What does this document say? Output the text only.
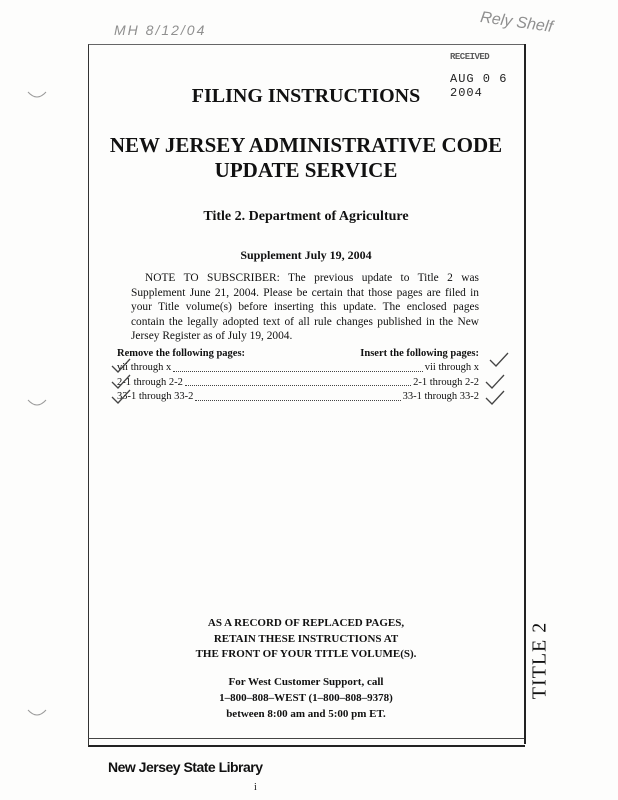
MH 8/12/04	Rely Shelf
RECEIVED
AUG 0 6 2004
FILING INSTRUCTIONS
NEW JERSEY ADMINISTRATIVE CODE
UPDATE SERVICE
Title 2. Department of Agriculture
Supplement July 19, 2004
NOTE TO SUBSCRIBER: The previous update to Title 2 was Supplement June 21, 2004. Please be certain that those pages are filed in your Title volume(s) before inserting this update. The enclosed pages contain the legally adopted text of all rule changes published in the New Jersey Register as of July 19, 2004.
Remove the following pages:	Insert the following pages:
vii through x	vii through x
2-1 through 2-2	2-1 through 2-2
33-1 through 33-2	33-1 through 33-2
AS A RECORD OF REPLACED PAGES,
RETAIN THESE INSTRUCTIONS AT
THE FRONT OF YOUR TITLE VOLUME(S).
For West Customer Support, call
1–800–808–WEST (1–800–808–9378)
between 8:00 am and 5:00 pm ET.
TITLE 2
New Jersey State Library
i
